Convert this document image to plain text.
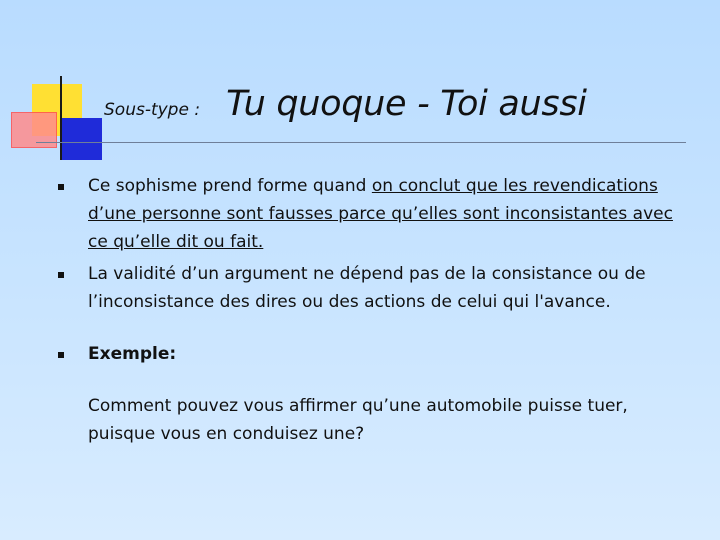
Sous-type : Tu quoque - Toi aussi
Ce sophisme prend forme quand on conclut que les revendications d’une personne sont fausses parce qu’elles sont inconsistantes avec ce qu’elle dit ou fait.
La validité d’un argument ne dépend pas de la consistance ou de l’inconsistance des dires ou des actions de celui qui l'avance.
Exemple:
Comment pouvez vous affirmer qu’une automobile puisse tuer, puisque vous en conduisez une?
